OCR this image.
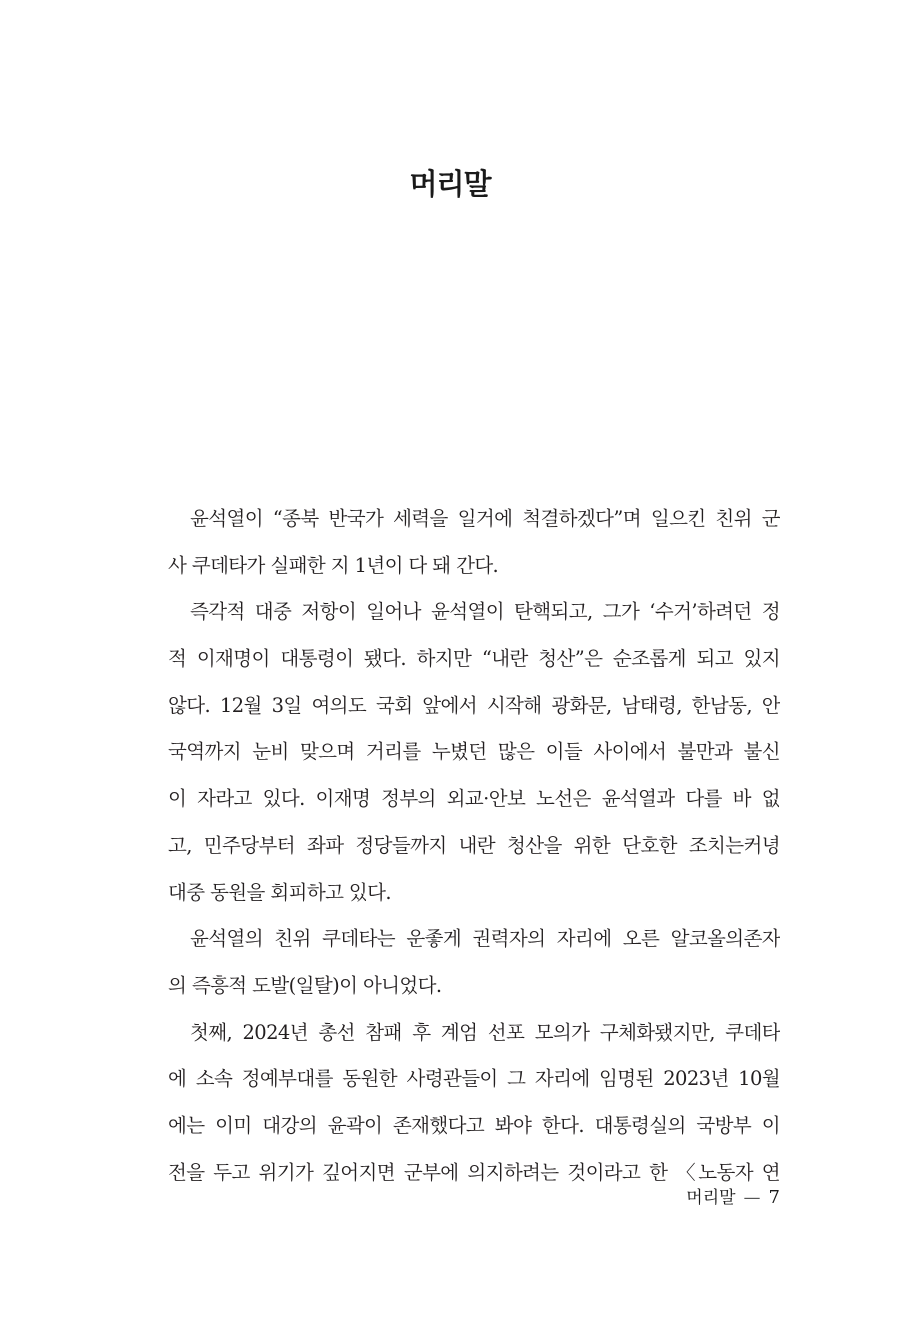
머리말
윤석열이 “종북 반국가 세력을 일거에 척결하겠다”며 일으킨 친위 군
사 쿠데타가 실패한 지 1년이 다 돼 간다.
즉각적 대중 저항이 일어나 윤석열이 탄핵되고, 그가 ‘수거’하려던 정
적 이재명이 대통령이 됐다. 하지만 “내란 청산”은 순조롭게 되고 있지
않다. 12월 3일 여의도 국회 앞에서 시작해 광화문, 남태령, 한남동, 안
국역까지 눈비 맞으며 거리를 누볐던 많은 이들 사이에서 불만과 불신
이 자라고 있다. 이재명 정부의 외교·안보 노선은 윤석열과 다를 바 없
고, 민주당부터 좌파 정당들까지 내란 청산을 위한 단호한 조치는커녕
대중 동원을 회피하고 있다.
윤석열의 친위 쿠데타는 운좋게 권력자의 자리에 오른 알코올의존자
의 즉흥적 도발(일탈)이 아니었다.
첫째, 2024년 총선 참패 후 계엄 선포 모의가 구체화됐지만, 쿠데타
에 소속 정예부대를 동원한 사령관들이 그 자리에 임명된 2023년 10월
에는 이미 대강의 윤곽이 존재했다고 봐야 한다. 대통령실의 국방부 이
전을 두고 위기가 깊어지면 군부에 의지하려는 것이라고 한 〈노동자 연
머리말 — 7
